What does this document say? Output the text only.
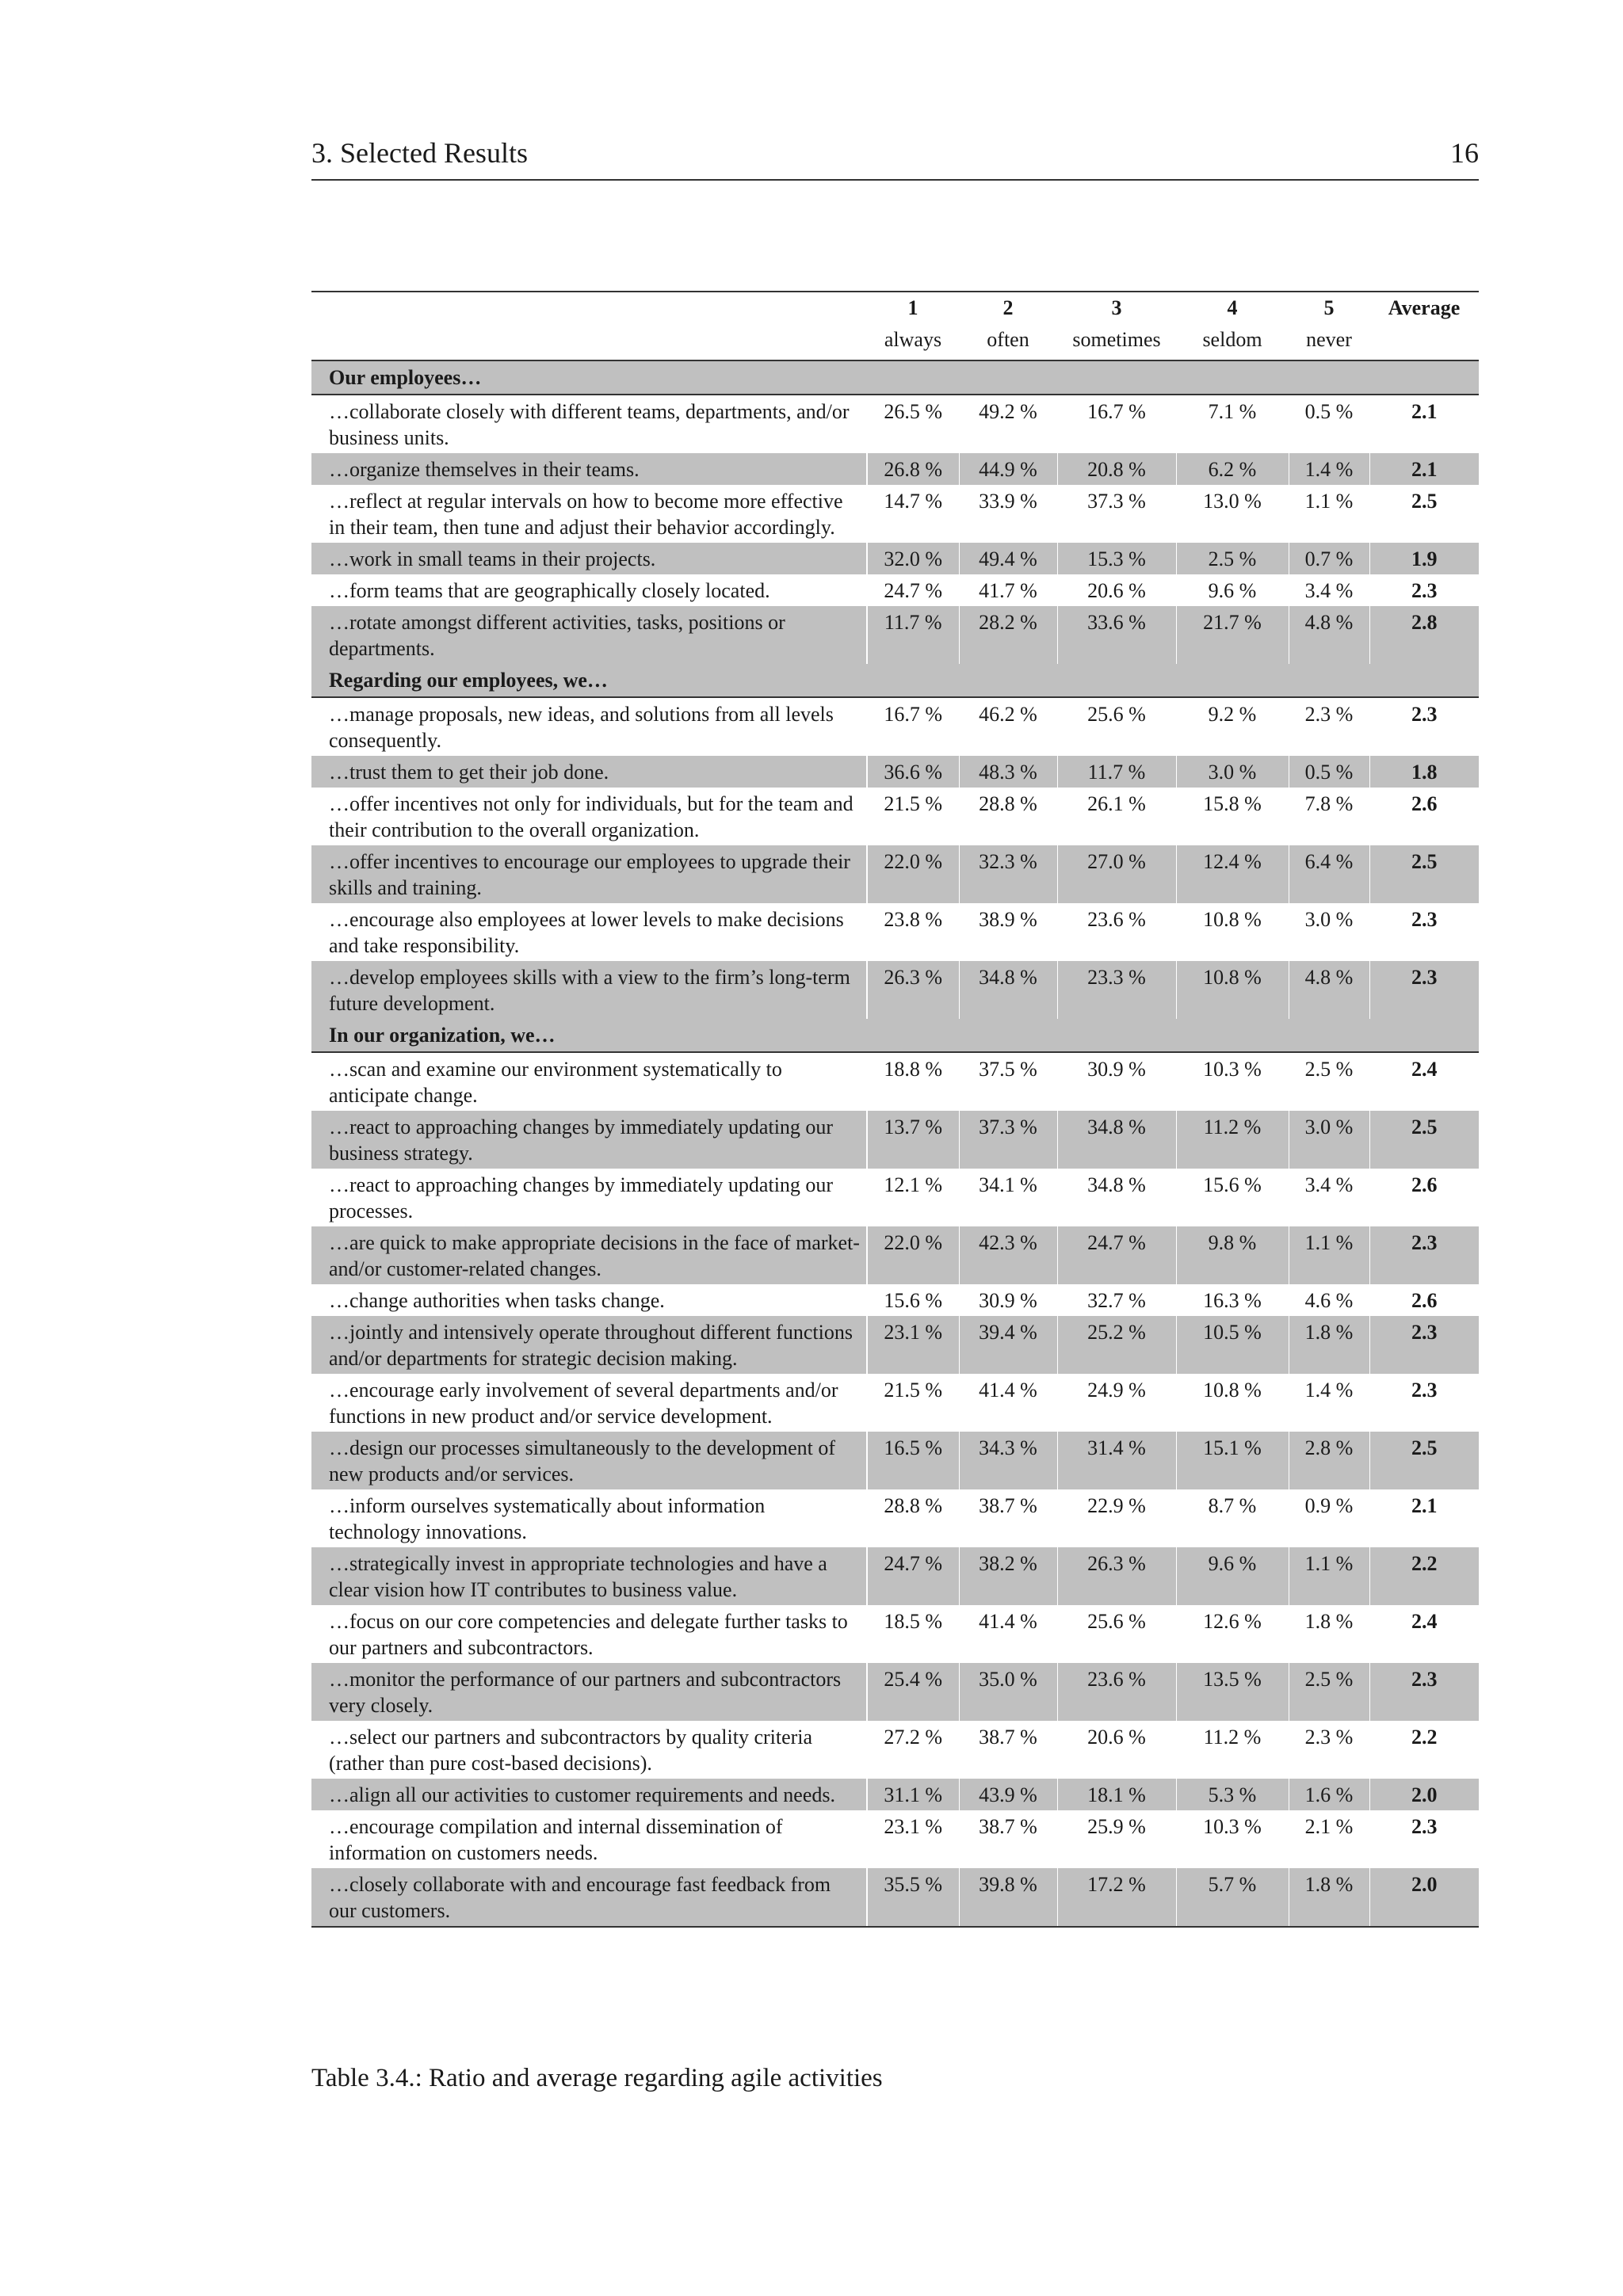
3. Selected Results	16
	1	2	3	4	5	Average
	always	often	sometimes	seldom	never	
Our employees…						
…collaborate closely with different teams, departments, and/or business units.	26.5 %	49.2 %	16.7 %	7.1 %	0.5 %	2.1
…organize themselves in their teams.	26.8 %	44.9 %	20.8 %	6.2 %	1.4 %	2.1
…reflect at regular intervals on how to become more effective in their team, then tune and adjust their behavior accordingly.	14.7 %	33.9 %	37.3 %	13.0 %	1.1 %	2.5
…work in small teams in their projects.	32.0 %	49.4 %	15.3 %	2.5 %	0.7 %	1.9
…form teams that are geographically closely located.	24.7 %	41.7 %	20.6 %	9.6 %	3.4 %	2.3
…rotate amongst different activities, tasks, positions or departments.	11.7 %	28.2 %	33.6 %	21.7 %	4.8 %	2.8
Regarding our employees, we…						
…manage proposals, new ideas, and solutions from all levels consequently.	16.7 %	46.2 %	25.6 %	9.2 %	2.3 %	2.3
…trust them to get their job done.	36.6 %	48.3 %	11.7 %	3.0 %	0.5 %	1.8
…offer incentives not only for individuals, but for the team and their contribution to the overall organization.	21.5 %	28.8 %	26.1 %	15.8 %	7.8 %	2.6
…offer incentives to encourage our employees to upgrade their skills and training.	22.0 %	32.3 %	27.0 %	12.4 %	6.4 %	2.5
…encourage also employees at lower levels to make decisions and take responsibility.	23.8 %	38.9 %	23.6 %	10.8 %	3.0 %	2.3
…develop employees skills with a view to the firm’s long-term future development.	26.3 %	34.8 %	23.3 %	10.8 %	4.8 %	2.3
In our organization, we…						
…scan and examine our environment systematically to anticipate change.	18.8 %	37.5 %	30.9 %	10.3 %	2.5 %	2.4
…react to approaching changes by immediately updating our business strategy.	13.7 %	37.3 %	34.8 %	11.2 %	3.0 %	2.5
…react to approaching changes by immediately updating our processes.	12.1 %	34.1 %	34.8 %	15.6 %	3.4 %	2.6
…are quick to make appropriate decisions in the face of market- and/or customer-related changes.	22.0 %	42.3 %	24.7 %	9.8 %	1.1 %	2.3
…change authorities when tasks change.	15.6 %	30.9 %	32.7 %	16.3 %	4.6 %	2.6
…jointly and intensively operate throughout different functions and/or departments for strategic decision making.	23.1 %	39.4 %	25.2 %	10.5 %	1.8 %	2.3
…encourage early involvement of several departments and/or functions in new product and/or service development.	21.5 %	41.4 %	24.9 %	10.8 %	1.4 %	2.3
…design our processes simultaneously to the development of new products and/or services.	16.5 %	34.3 %	31.4 %	15.1 %	2.8 %	2.5
…inform ourselves systematically about information technology innovations.	28.8 %	38.7 %	22.9 %	8.7 %	0.9 %	2.1
…strategically invest in appropriate technologies and have a clear vision how IT contributes to business value.	24.7 %	38.2 %	26.3 %	9.6 %	1.1 %	2.2
…focus on our core competencies and delegate further tasks to our partners and subcontractors.	18.5 %	41.4 %	25.6 %	12.6 %	1.8 %	2.4
…monitor the performance of our partners and subcontractors very closely.	25.4 %	35.0 %	23.6 %	13.5 %	2.5 %	2.3
…select our partners and subcontractors by quality criteria (rather than pure cost-based decisions).	27.2 %	38.7 %	20.6 %	11.2 %	2.3 %	2.2
…align all our activities to customer requirements and needs.	31.1 %	43.9 %	18.1 %	5.3 %	1.6 %	2.0
…encourage compilation and internal dissemination of information on customers needs.	23.1 %	38.7 %	25.9 %	10.3 %	2.1 %	2.3
…closely collaborate with and encourage fast feedback from our customers.	35.5 %	39.8 %	17.2 %	5.7 %	1.8 %	2.0
Table 3.4.: Ratio and average regarding agile activities
